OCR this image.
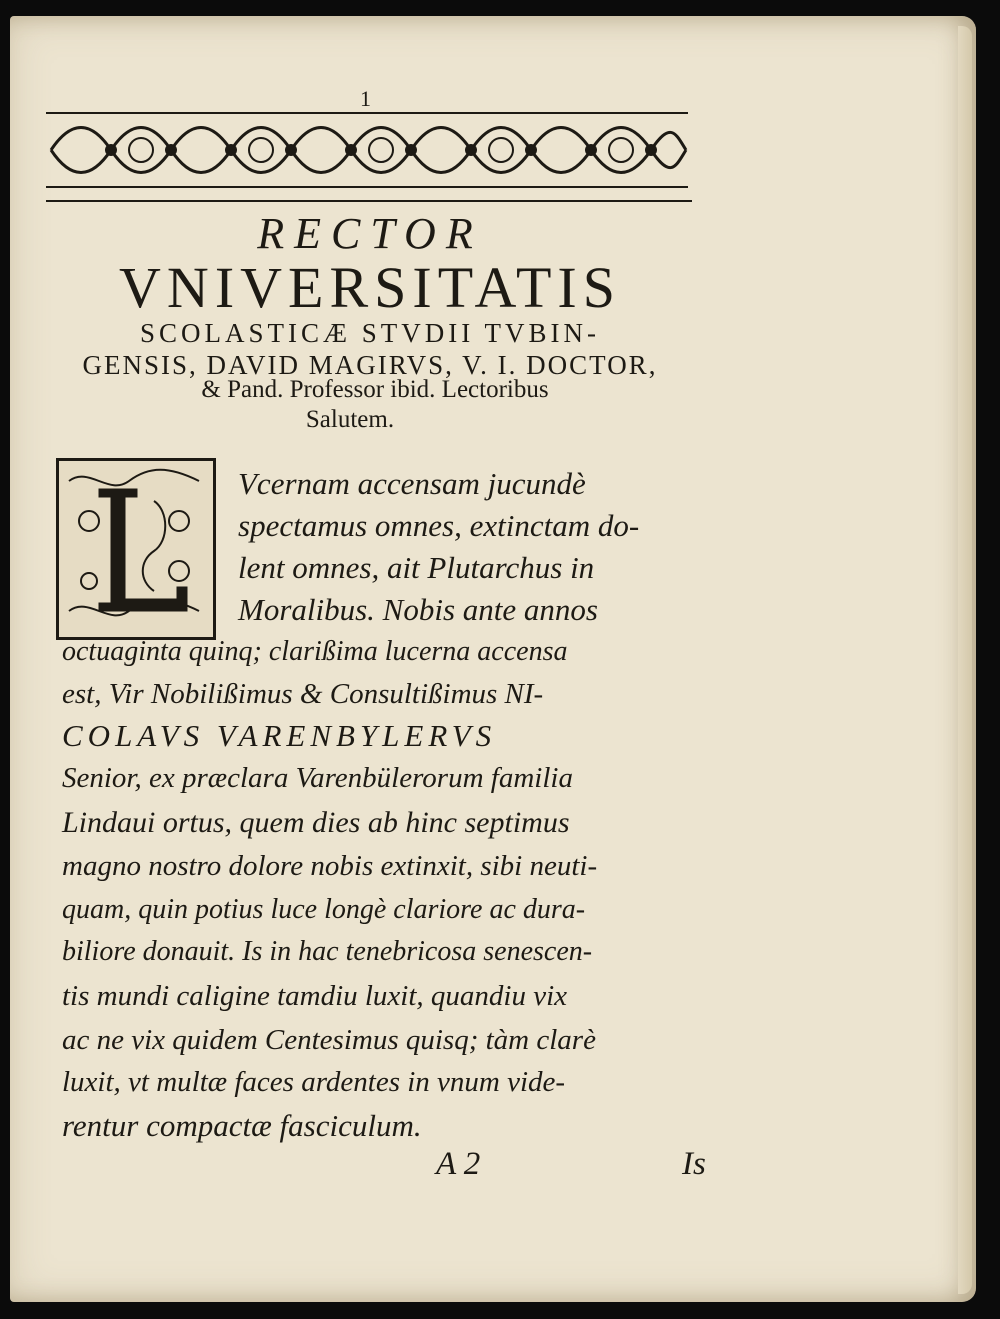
1
RECTOR
VNIVERSITATIS
SCOLASTICÆ STVDII TVBIN-
GENSIS, DAVID MAGIRVS, V. I. DOCTOR,
& Pand. Professor ibid. Lectoribus
Salutem.
Vcernam accensam jucundè
spectamus omnes, extinctam do-
lent omnes, ait Plutarchus in
Moralibus. Nobis ante annos
octuaginta quinq; clarißima lucerna accensa
est, Vir Nobilißimus & Consultißimus NI-
COLAVS VARENBYLERVS
Senior, ex præclara Varenbülerorum familia
Lindaui ortus, quem dies ab hinc septimus
magno nostro dolore nobis extinxit, sibi neuti-
quam, quin potius luce longè clariore ac dura-
biliore donauit. Is in hac tenebricosa senescen-
tis mundi caligine tamdiu luxit, quandiu vix
ac ne vix quidem Centesimus quisq; tàm clarè
luxit, vt multæ faces ardentes in vnum vide-
rentur compactæ fasciculum.
A 2	Is
